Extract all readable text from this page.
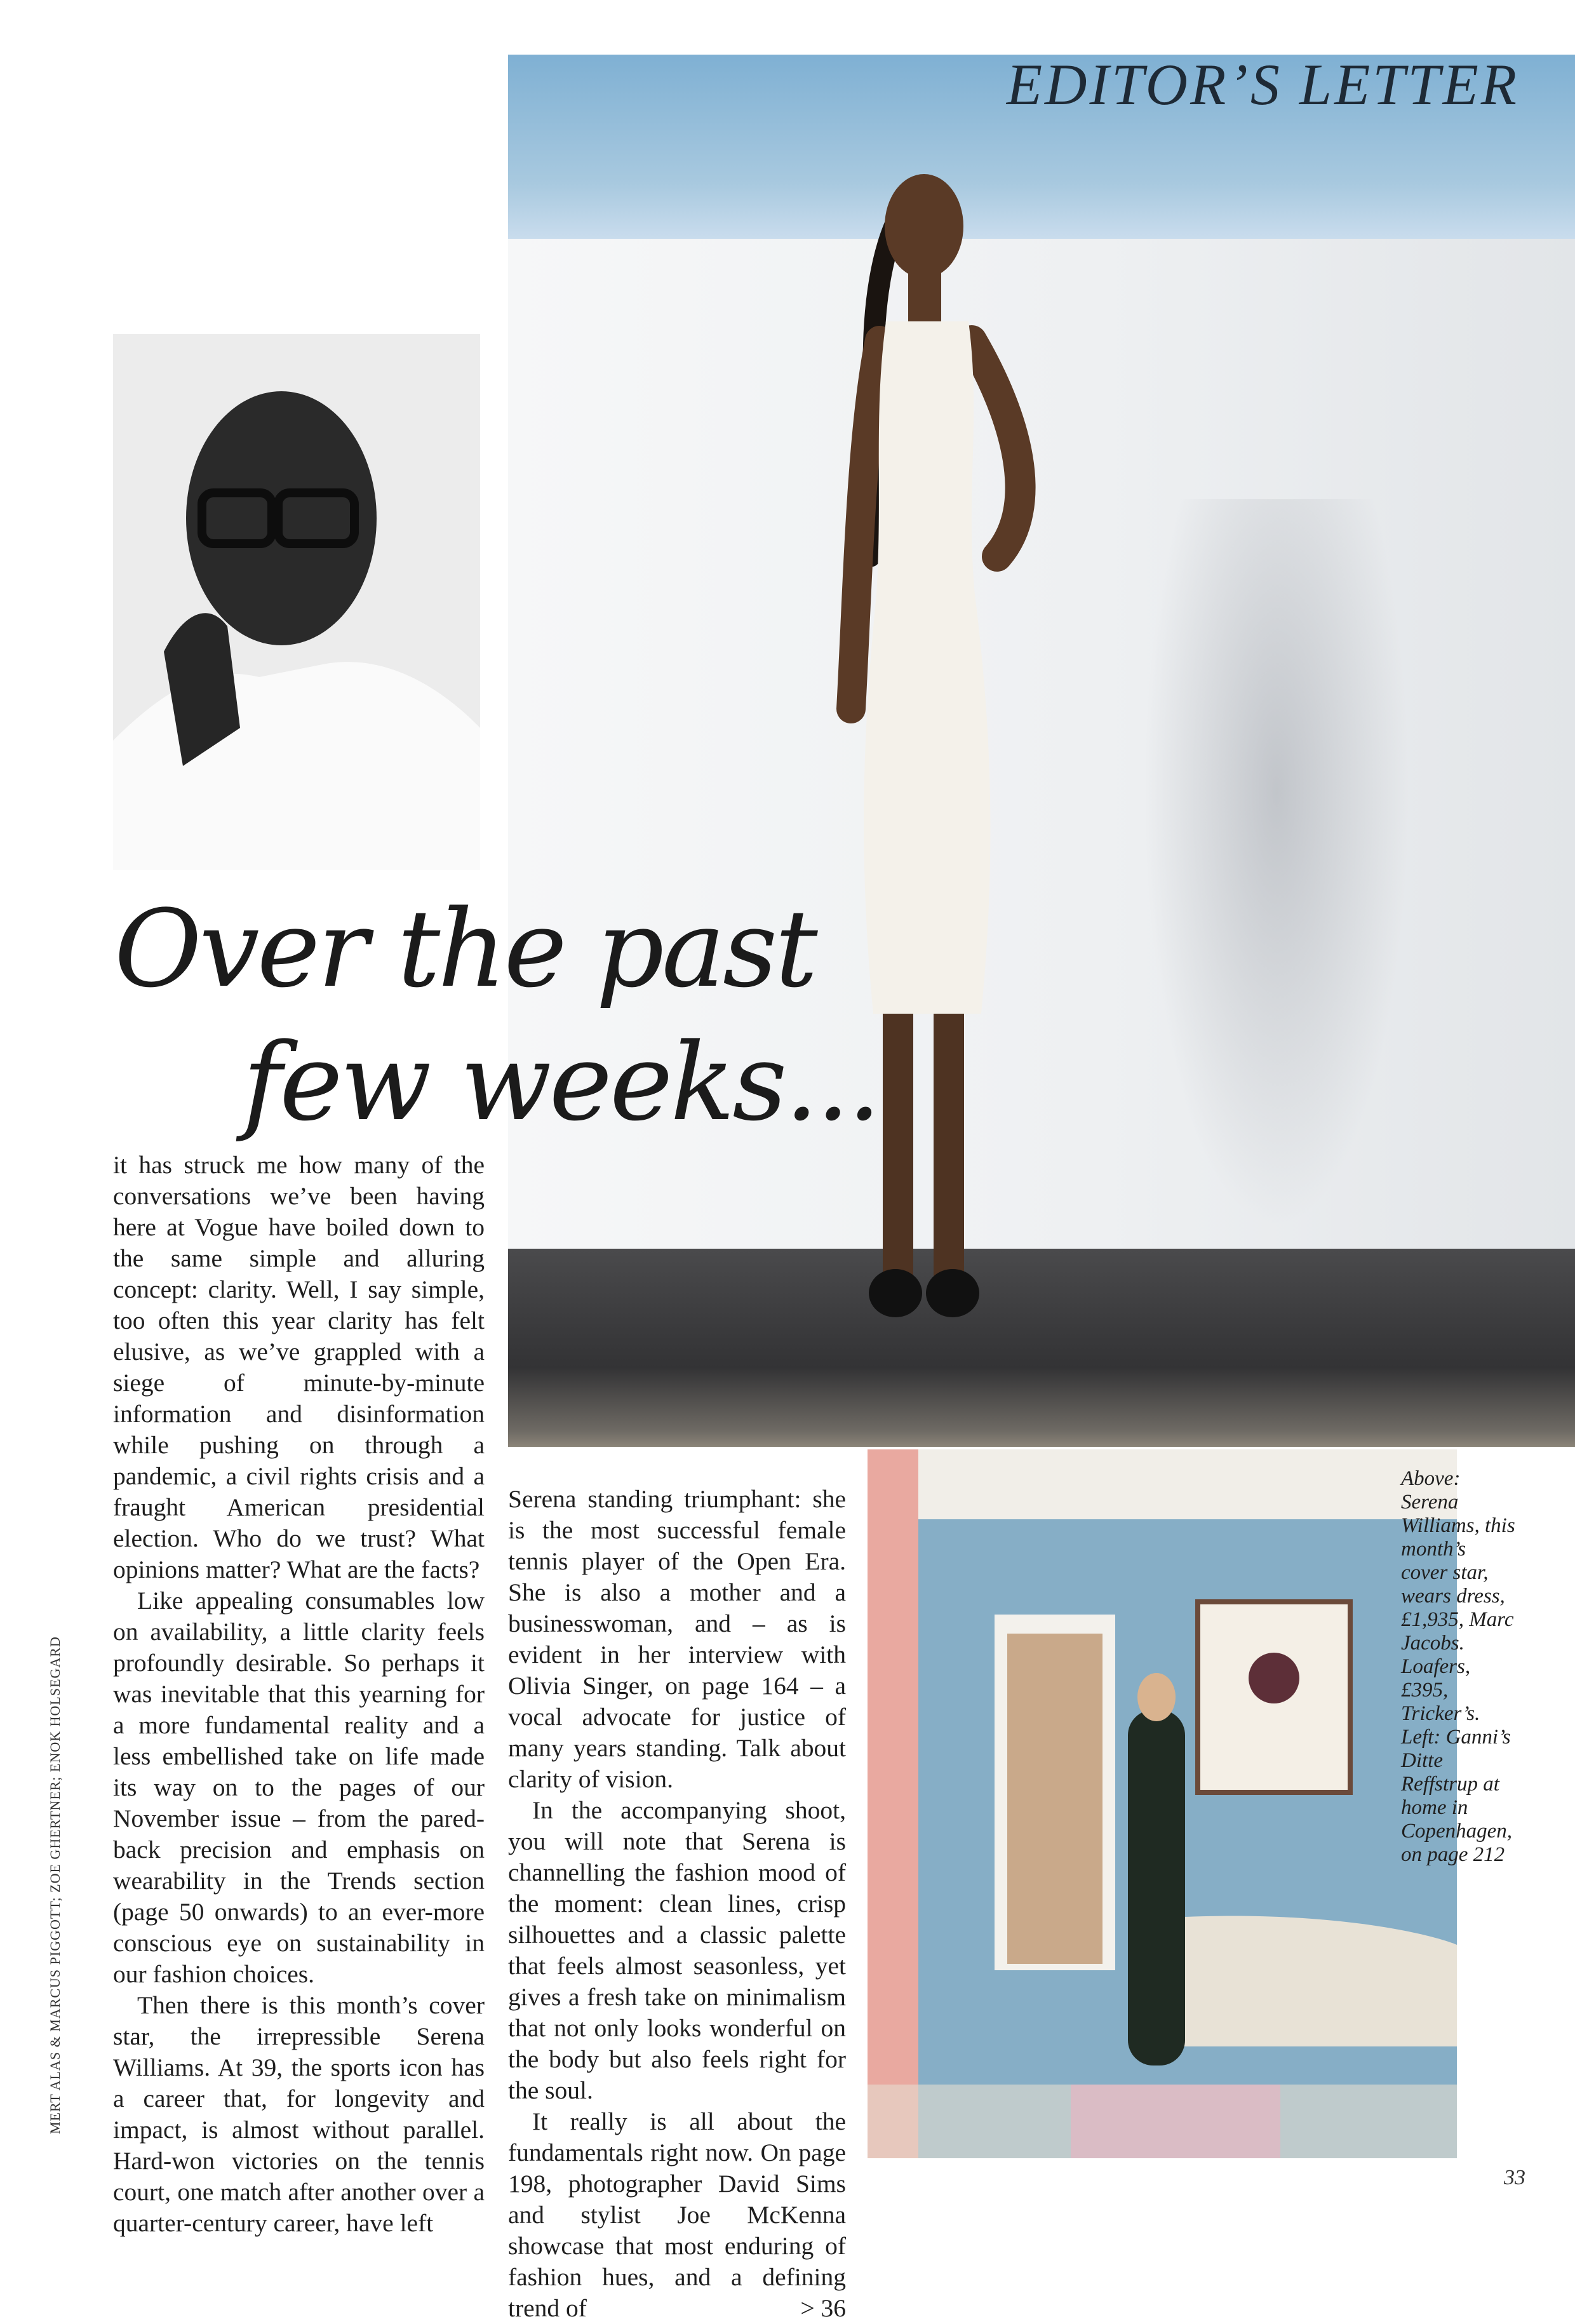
EDITOR’S LETTER
Over the past
few weeks...

it has struck me how many of the conversations we’ve been having here at Vogue have boiled down to the same simple and alluring concept: clarity. Well, I say simple, too often this year clarity has felt elusive, as we’ve grappled with a siege of minute-by-minute information and disinformation while pushing on through a pandemic, a civil rights crisis and a fraught American presidential election. Who do we trust? What opinions matter? What are the facts?

Like appealing consumables low on availability, a little clarity feels profoundly desirable. So perhaps it was inevitable that this yearning for a more fundamental reality and a less embellished take on life made its way on to the pages of our November issue – from the pared-back precision and emphasis on wearability in the Trends section (page 50 onwards) to an ever-more conscious eye on sustainability in our fashion choices.

Then there is this month’s cover star, the irrepressible Serena Williams. At 39, the sports icon has a career that, for longevity and impact, is almost without parallel. Hard-won victories on the tennis court, one match after another over a quarter-century career, have left

Serena standing triumphant: she is the most successful female tennis player of the Open Era. She is also a mother and a businesswoman, and – as is evident in her interview with Olivia Singer, on page 164 – a vocal advocate for justice of many years standing. Talk about clarity of vision.

In the accompanying shoot, you will note that Serena is channelling the fashion mood of the moment: clean lines, crisp silhouettes and a classic palette that feels almost seasonless, yet gives a fresh take on minimalism that not only looks wonderful on the body but also feels right for the soul.

It really is all about the fundamentals right now. On page 198, photographer David Sims and stylist Joe McKenna showcase that most enduring of fashion hues, and a defining trend of	> 36

Above: Serena Williams, this month’s cover star, wears dress, £1,935, Marc Jacobs. Loafers, £395, Tricker’s. Left: Ganni’s Ditte Reffstrup at home in Copenhagen, on page 212
MERT ALAS & MARCUS PIGGOTT; ZOE GHERTNER; ENOK HOLSEGARD
33
